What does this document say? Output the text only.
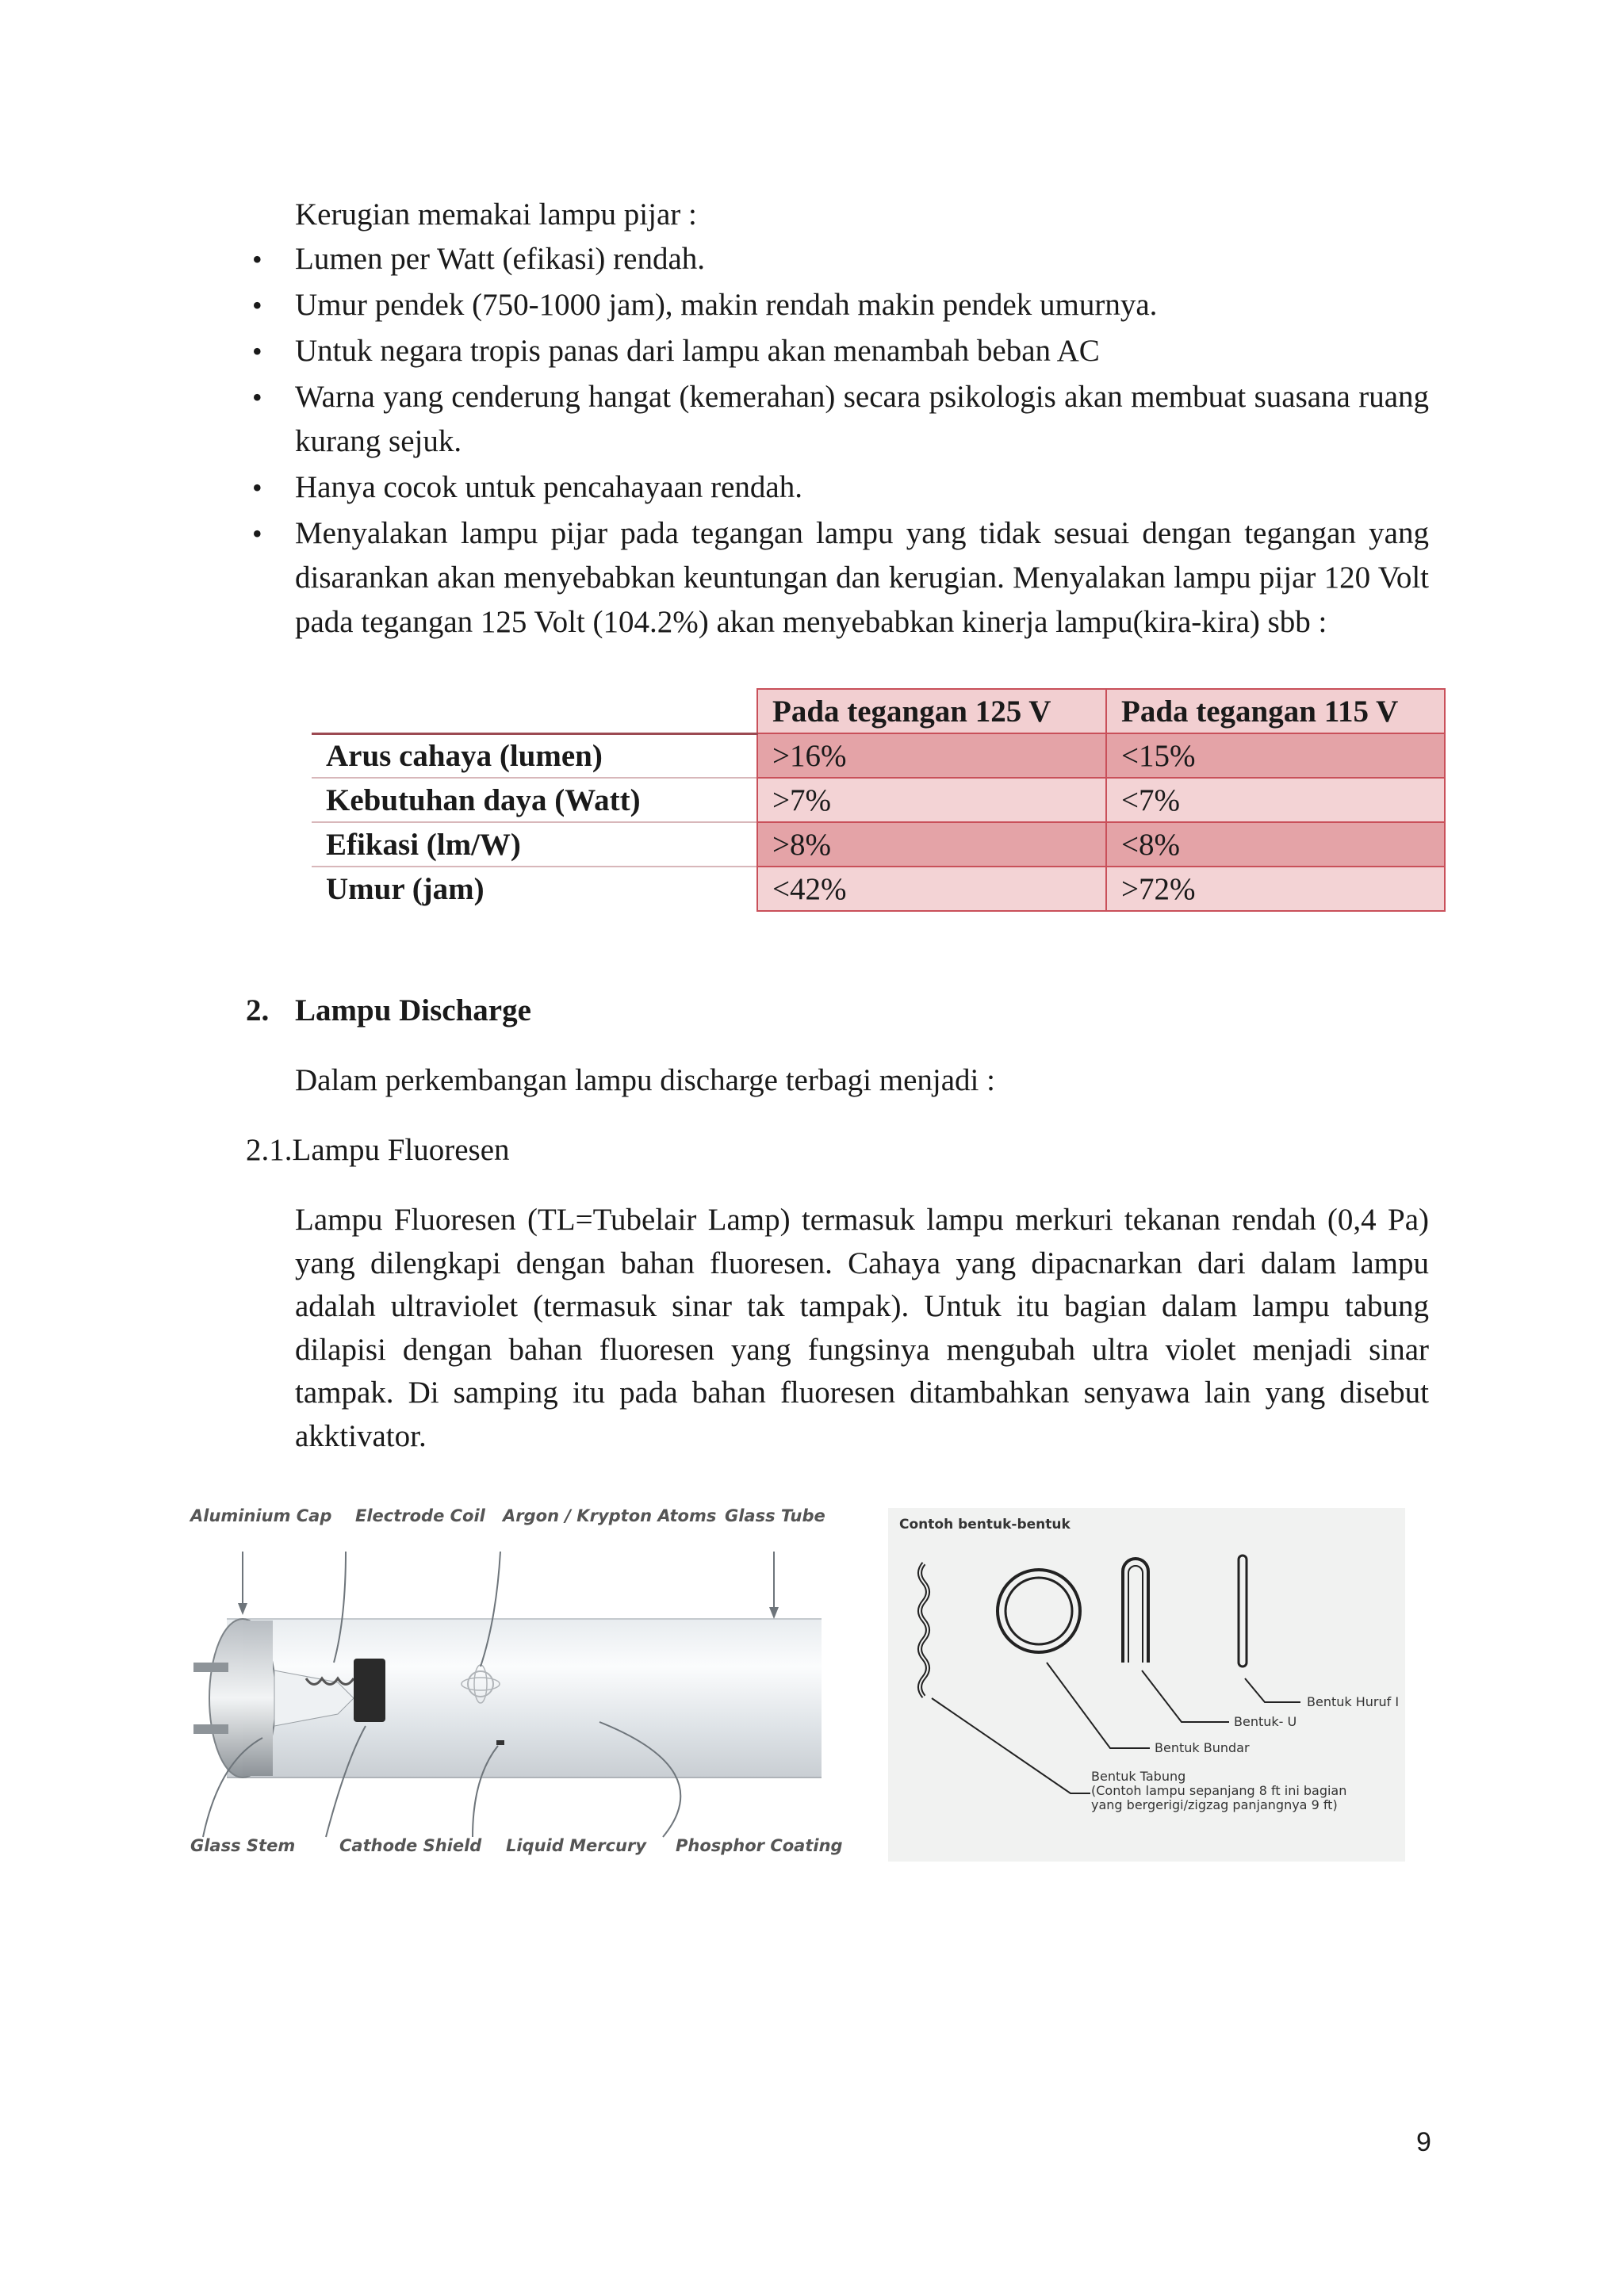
Kerugian memakai lampu pijar :
• Lumen per Watt (efikasi) rendah.
• Umur pendek (750-1000 jam), makin rendah makin pendek umurnya.
• Untuk negara tropis panas dari lampu akan menambah beban AC
• Warna yang cenderung hangat (kemerahan) secara psikologis akan membuat suasana ruang kurang sejuk.
• Hanya cocok untuk pencahayaan rendah.
• Menyalakan lampu pijar pada tegangan lampu yang tidak sesuai dengan tegangan yang disarankan akan menyebabkan keuntungan dan kerugian. Menyalakan lampu pijar 120 Volt pada tegangan 125 Volt (104.2%) akan menyebabkan kinerja lampu(kira-kira) sbb :
	Pada tegangan 125 V	Pada tegangan 115 V
Arus cahaya (lumen)	>16%	<15%
Kebutuhan daya (Watt)	>7%	<7%
Efikasi (lm/W)	>8%	<8%
Umur (jam)	<42%	>72%
2. Lampu Discharge
Dalam perkembangan lampu discharge terbagi menjadi :
2.1.Lampu Fluoresen
Lampu Fluoresen (TL=Tubelair Lamp) termasuk lampu merkuri tekanan rendah (0,4 Pa) yang dilengkapi dengan bahan fluoresen. Cahaya yang dipacnarkan dari dalam lampu adalah ultraviolet (termasuk sinar tak tampak). Untuk itu bagian dalam lampu tabung dilapisi dengan bahan fluoresen yang fungsinya mengubah ultra violet menjadi sinar tampak. Di samping itu pada bahan fluoresen ditambahkan senyawa lain yang disebut akktivator.
Aluminium Cap Electrode Coil Argon / Krypton Atoms Glass Tube
Glass Stem	Cathode Shield Liquid Mercury Phosphor Coating
Contoh bentuk-bentuk
Bentuk Huruf I
Bentuk- U
Bentuk Bundar
Bentuk Tabung
(Contoh lampu sepanjang 8 ft ini bagian
yang bergerigi/zigzag panjangnya 9 ft)
9
